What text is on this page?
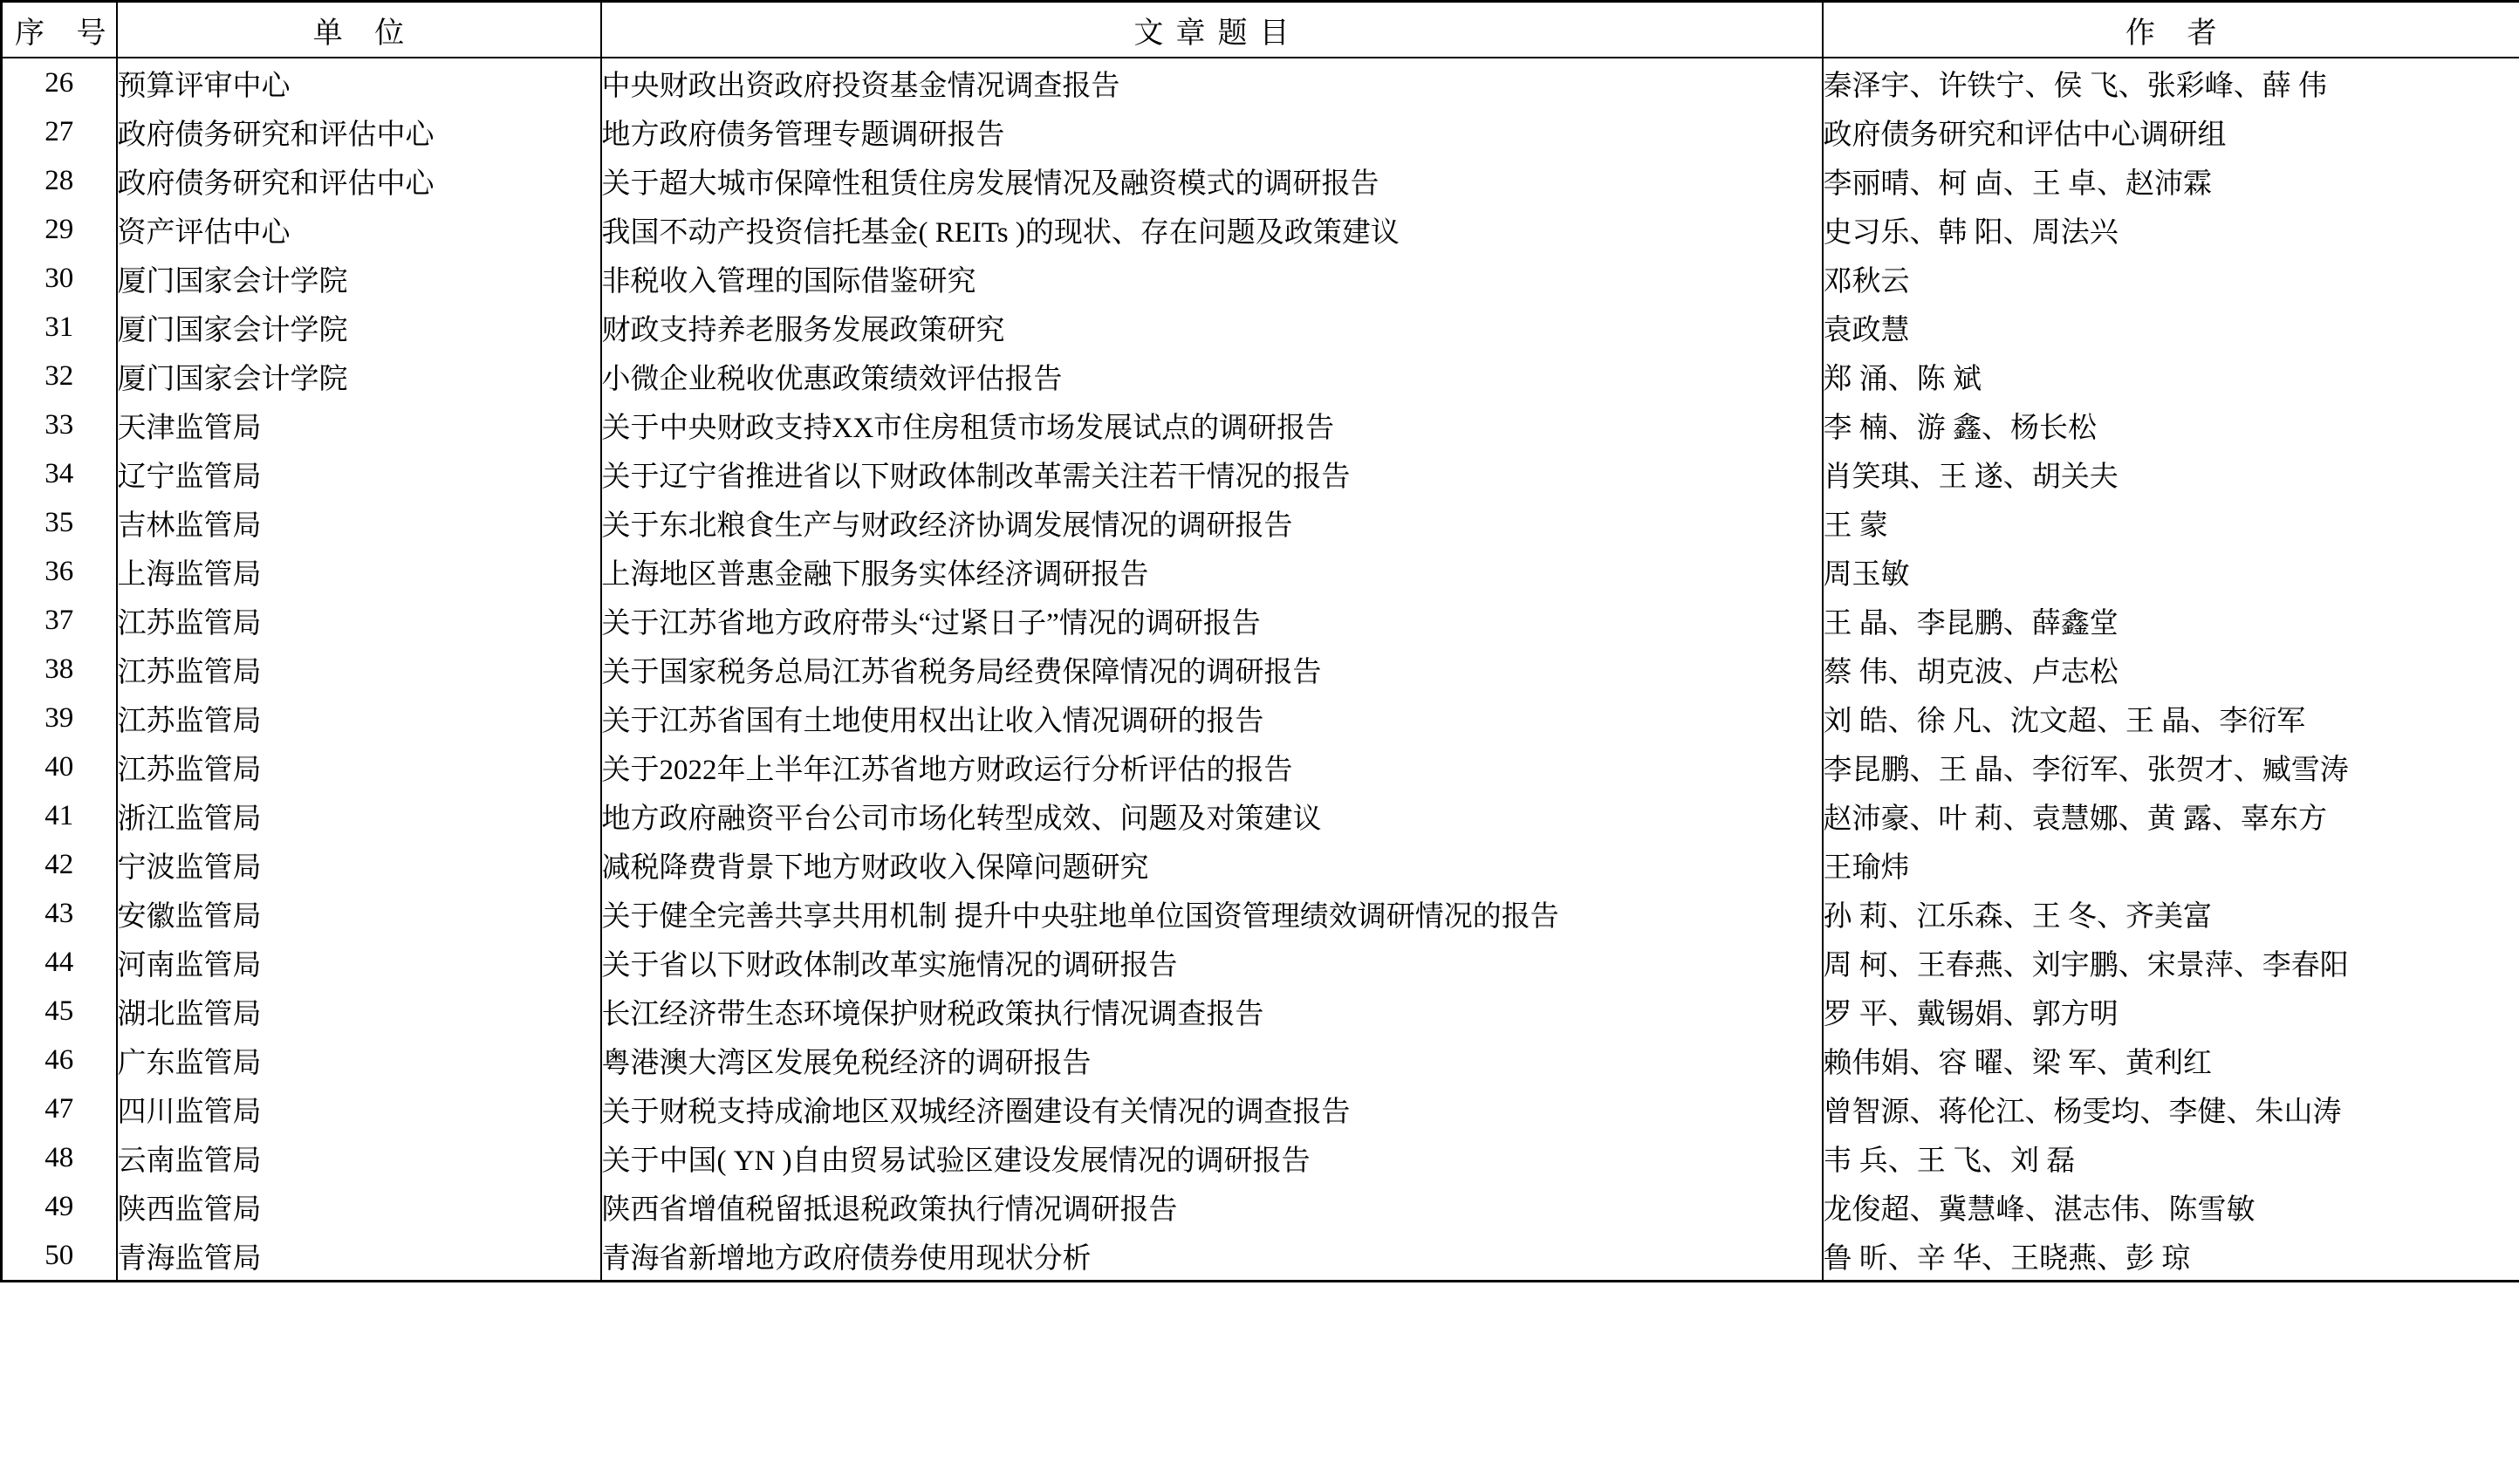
序 号	单 位	文章题目	作 者
26	预算评审中心	中央财政出资政府投资基金情况调查报告	秦泽宇、许铁宁、侯 飞、张彩峰、薛 伟
27	政府债务研究和评估中心	地方政府债务管理专题调研报告	政府债务研究和评估中心调研组
28	政府债务研究和评估中心	关于超大城市保障性租赁住房发展情况及融资模式的调研报告	李丽晴、柯 㔽、王 卓、赵沛霖
29	资产评估中心	我国不动产投资信托基金( REITs )的现状、存在问题及政策建议	史习乐、韩 阳、周法兴
30	厦门国家会计学院	非税收入管理的国际借鉴研究	邓秋云
31	厦门国家会计学院	财政支持养老服务发展政策研究	袁政慧
32	厦门国家会计学院	小微企业税收优惠政策绩效评估报告	郑 涌、陈 斌
33	天津监管局	关于中央财政支持XX市住房租赁市场发展试点的调研报告	李 楠、游 鑫、杨长松
34	辽宁监管局	关于辽宁省推进省以下财政体制改革需关注若干情况的报告	肖笑琪、王 遂、胡关夫
35	吉林监管局	关于东北粮食生产与财政经济协调发展情况的调研报告	王 蒙
36	上海监管局	上海地区普惠金融下服务实体经济调研报告	周玉敏
37	江苏监管局	关于江苏省地方政府带头“过紧日子”情况的调研报告	王 晶、李昆鹏、薛鑫堂
38	江苏监管局	关于国家税务总局江苏省税务局经费保障情况的调研报告	蔡 伟、胡克波、卢志松
39	江苏监管局	关于江苏省国有土地使用权出让收入情况调研的报告	刘 皓、徐 凡、沈文超、王 晶、李衍军
40	江苏监管局	关于2022年上半年江苏省地方财政运行分析评估的报告	李昆鹏、王 晶、李衍军、张贺才、臧雪涛
41	浙江监管局	地方政府融资平台公司市场化转型成效、问题及对策建议	赵沛豪、叶 莉、袁慧娜、黄 露、辜东方
42	宁波监管局	减税降费背景下地方财政收入保障问题研究	王瑜炜
43	安徽监管局	关于健全完善共享共用机制 提升中央驻地单位国资管理绩效调研情况的报告	孙 莉、江乐森、王 冬、齐美富
44	河南监管局	关于省以下财政体制改革实施情况的调研报告	周 柯、王春燕、刘宇鹏、宋景萍、李春阳
45	湖北监管局	长江经济带生态环境保护财税政策执行情况调查报告	罗 平、戴锡娟、郭方明
46	广东监管局	粤港澳大湾区发展免税经济的调研报告	赖伟娟、容 曜、梁 军、黄利红
47	四川监管局	关于财税支持成渝地区双城经济圈建设有关情况的调查报告	曾智源、蒋伦江、杨雯均、李健、朱山涛
48	云南监管局	关于中国( YN )自由贸易试验区建设发展情况的调研报告	韦 兵、王 飞、刘 磊
49	陕西监管局	陕西省增值税留抵退税政策执行情况调研报告	龙俊超、冀慧峰、湛志伟、陈雪敏
50	青海监管局	青海省新增地方政府债券使用现状分析	鲁 昕、辛 华、王晓燕、彭 琼
